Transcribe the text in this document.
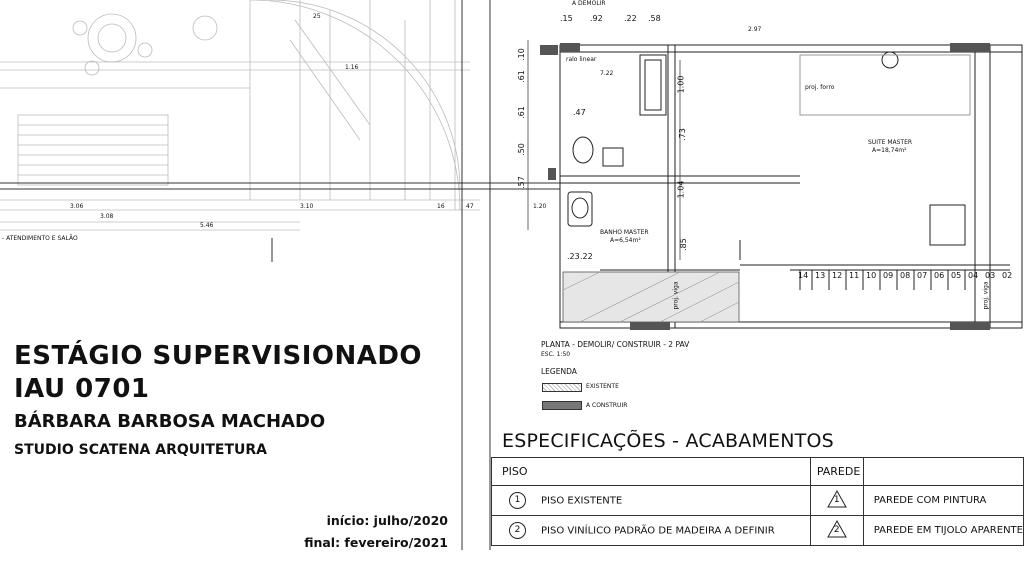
- ATENDIMENTO E SALÃO
3.06
3.08
5.46
3.10
1.16
25
16	47	1.20
A DEMOLIR
.15 .92	.22 .58
2.97
ralo linear
7.22
.47
.10
.61
.61
.50
.57
1.00
.73
1.04
.85
.23 .22
proj. forro
proj. viga	proj. viga
SUITE MASTER
A=18,74m²
BANHO MASTER
A=6,54m²
14 13 12 11 10 09 08 07 06 05 04 03 02
PLANTA - DEMOLIR/ CONSTRUIR - 2 PAV
ESC. 1:50
LEGENDA
EXISTENTE
A CONSTRUIR
ESTÁGIO SUPERVISIONADO
IAU 0701
BÁRBARA BARBOSA MACHADO
STUDIO SCATENA ARQUITETURA
início: julho/2020
final: fevereiro/2021
ESPECIFICAÇÕES - ACABAMENTOS
PISO	PAREDE	
1 PISO EXISTENTE	1	PAREDE COM PINTURA
2 PISO VINÍLICO PADRÃO DE MADEIRA A DEFINIR	2	PAREDE EM TIJOLO APARENTE
